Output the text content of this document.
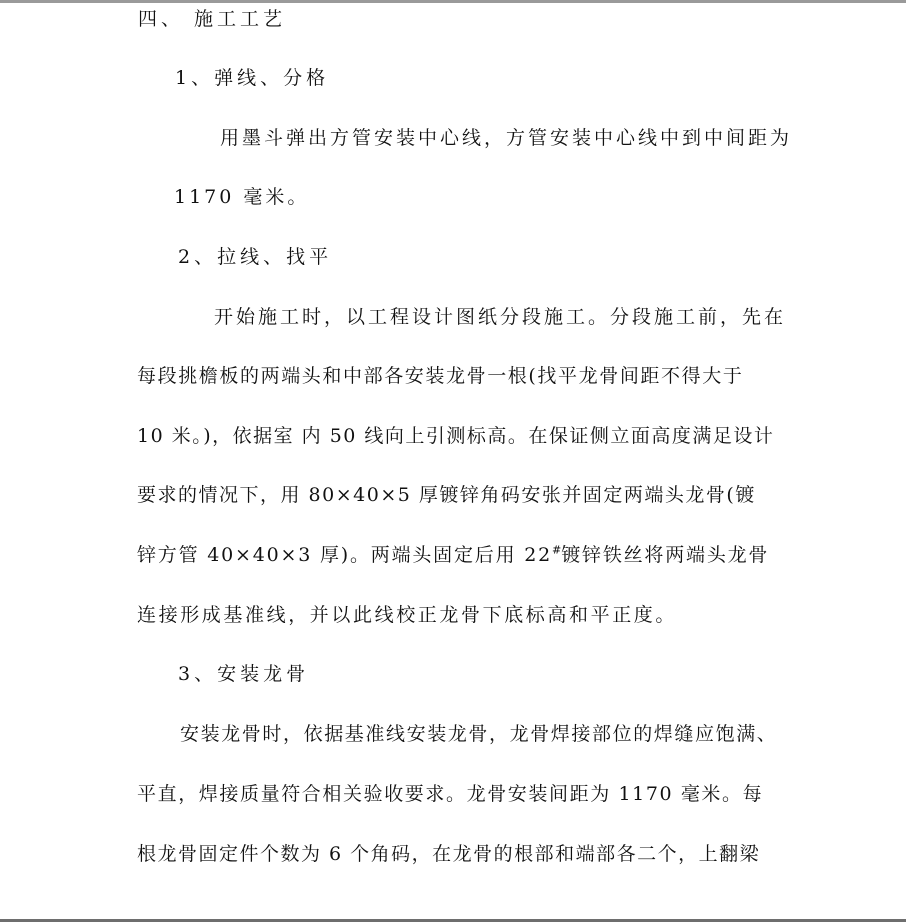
四、 施工工艺
1、弹线、分格
用墨斗弹出方管安装中心线，方管安装中心线中到中间距为
1170 毫米。
2、拉线、找平
开始施工时，以工程设计图纸分段施工。分段施工前，先在
每段挑檐板的两端头和中部各安装龙骨一根(找平龙骨间距不得大于
10 米。)，依据室 内 50 线向上引测标高。在保证侧立面高度满足设计
要求的情况下，用 80×40×5 厚镀锌角码安张并固定两端头龙骨(镀
锌方管 40×40×3 厚)。两端头固定后用 22#镀锌铁丝将两端头龙骨
连接形成基准线，并以此线校正龙骨下底标高和平正度。
3、安装龙骨
安装龙骨时，依据基准线安装龙骨，龙骨焊接部位的焊缝应饱满、
平直，焊接质量符合相关验收要求。龙骨安装间距为 1170 毫米。每
根龙骨固定件个数为 6 个角码，在龙骨的根部和端部各二个，上翻梁
